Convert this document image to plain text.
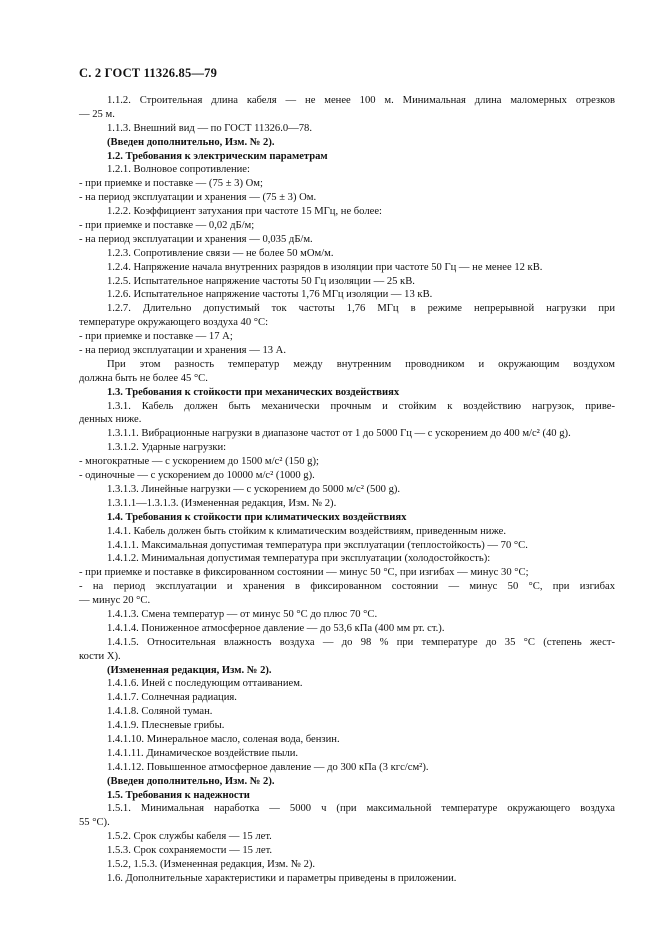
С. 2 ГОСТ 11326.85—79
1.1.2. Строительная длина кабеля — не менее 100 м. Минимальная длина маломерных отрезков
— 25 м.
1.1.3. Внешний вид — по ГОСТ 11326.0—78.
(Введен дополнительно, Изм. № 2).
1.2. Требования к электрическим параметрам
1.2.1. Волновое сопротивление:
- при приемке и поставке — (75 ± 3) Ом;
- на период эксплуатации и хранения — (75 ± 3) Ом.
1.2.2. Коэффициент затухания при частоте 15 МГц, не более:
- при приемке и поставке — 0,02 дБ/м;
- на период эксплуатации и хранения — 0,035 дБ/м.
1.2.3. Сопротивление связи — не более 50 мОм/м.
1.2.4. Напряжение начала внутренних разрядов в изоляции при частоте 50 Гц — не менее 12 кВ.
1.2.5. Испытательное напряжение частоты 50 Гц изоляции — 25 кВ.
1.2.6. Испытательное напряжение частоты 1,76 МГц изоляции — 13 кВ.
1.2.7. Длительно допустимый ток частоты 1,76 МГц в режиме непрерывной нагрузки при
температуре окружающего воздуха 40 °С:
- при приемке и поставке — 17 А;
- на период эксплуатации и хранения — 13 А.
При этом разность температур между внутренним проводником и окружающим воздухом
должна быть не более 45 °С.
1.3. Требования к стойкости при механических воздействиях
1.3.1. Кабель должен быть механически прочным и стойким к воздействию нагрузок, приве-
денных ниже.
1.3.1.1. Вибрационные нагрузки в диапазоне частот от 1 до 5000 Гц — с ускорением до 400 м/с² (40 g).
1.3.1.2. Ударные нагрузки:
- многократные — с ускорением до 1500 м/с² (150 g);
- одиночные — с ускорением до 10000 м/с² (1000 g).
1.3.1.3. Линейные нагрузки — с ускорением до 5000 м/с² (500 g).
1.3.1.1—1.3.1.3. (Измененная редакция, Изм. № 2).
1.4. Требования к стойкости при климатических воздействиях
1.4.1. Кабель должен быть стойким к климатическим воздействиям, приведенным ниже.
1.4.1.1. Максимальная допустимая температура при эксплуатации (теплостойкость) — 70 °С.
1.4.1.2. Минимальная допустимая температура при эксплуатации (холодостойкость):
- при приемке и поставке в фиксированном состоянии — минус 50 °С, при изгибах — минус 30 °С;
- на период эксплуатации и хранения в фиксированном состоянии — минус 50 °С, при изгибах
— минус 20 °С.
1.4.1.3. Смена температур — от минус 50 °С до плюс 70 °С.
1.4.1.4. Пониженное атмосферное давление — до 53,6 кПа (400 мм рт. ст.).
1.4.1.5. Относительная влажность воздуха — до 98 % при температуре до 35 °С (степень жест-
кости X).
(Измененная редакция, Изм. № 2).
1.4.1.6. Иней с последующим оттаиванием.
1.4.1.7. Солнечная радиация.
1.4.1.8. Соляной туман.
1.4.1.9. Плесневые грибы.
1.4.1.10. Минеральное масло, соленая вода, бензин.
1.4.1.11. Динамическое воздействие пыли.
1.4.1.12. Повышенное атмосферное давление — до 300 кПа (3 кгс/см²).
(Введен дополнительно, Изм. № 2).
1.5. Требования к надежности
1.5.1. Минимальная наработка — 5000 ч (при максимальной температуре окружающего воздуха
55 °С).
1.5.2. Срок службы кабеля — 15 лет.
1.5.3. Срок сохраняемости — 15 лет.
1.5.2, 1.5.3. (Измененная редакция, Изм. № 2).
1.6. Дополнительные характеристики и параметры приведены в приложении.
